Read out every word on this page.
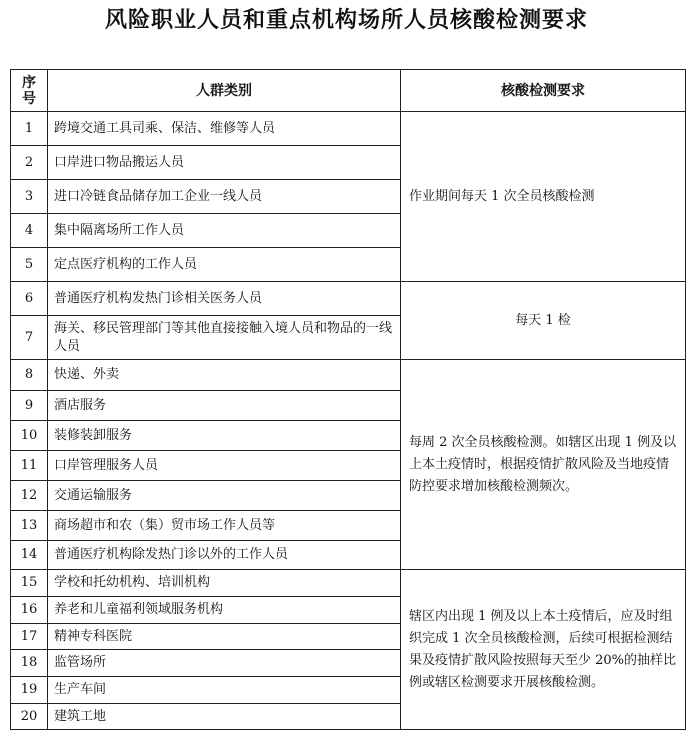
风险职业人员和重点机构场所人员核酸检测要求
序
号	人群类别	核酸检测要求
1	跨境交通工具司乘、保洁、维修等人员	作业期间每天 1 次全员核酸检测
2	口岸进口物品搬运人员	
3	进口冷链食品储存加工企业一线人员	
4	集中隔离场所工作人员	
5	定点医疗机构的工作人员	
6	普通医疗机构发热门诊相关医务人员	每天 1 检
7	海关、移民管理部门等其他直接接触入境人员和物品的一线人员	
8	快递、外卖	每周 2 次全员核酸检测。如辖区出现 1 例及以上本土疫情时，根据疫情扩散风险及当地疫情防控要求增加核酸检测频次。
9	酒店服务	
10	装修装卸服务	
11	口岸管理服务人员	
12	交通运输服务	
13	商场超市和农（集）贸市场工作人员等	
14	普通医疗机构除发热门诊以外的工作人员	
15	学校和托幼机构、培训机构	辖区内出现 1 例及以上本土疫情后，应及时组织完成 1 次全员核酸检测，后续可根据检测结果及疫情扩散风险按照每天至少 20%的抽样比例或辖区检测要求开展核酸检测。
16	养老和儿童福利领域服务机构	
17	精神专科医院	
18	监管场所	
19	生产车间	
20	建筑工地	
